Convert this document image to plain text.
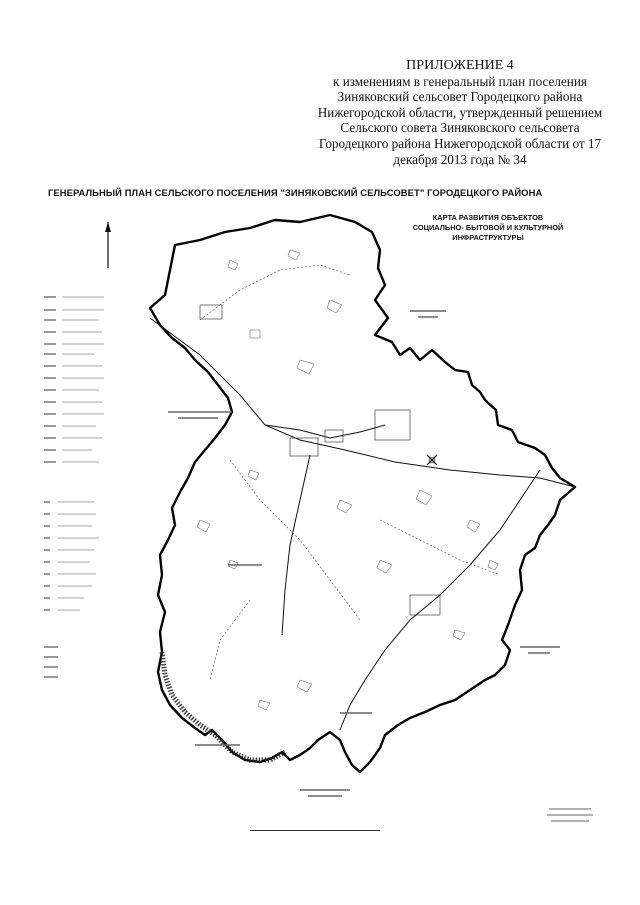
ПРИЛОЖЕНИЕ 4
к изменениям в генеральный план поселения
Зиняковский сельсовет Городецкого района
Нижегородской области, утвержденный решением
Сельского совета Зиняковского сельсовета
Городецкого района Нижегородской области от 17
декабря 2013 года № 34
ГЕНЕРАЛЬНЫЙ ПЛАН СЕЛЬСКОГО ПОСЕЛЕНИЯ "ЗИНЯКОВСКИЙ СЕЛЬСОВЕТ" ГОРОДЕЦКОГО РАЙОНА
КАРТА РАЗВИТИЯ ОБЪЕКТОВ
СОЦИАЛЬНО- БЫТОВОЙ И КУЛЬТУРНОЙ
ИНФРАСТРУКТУРЫ
